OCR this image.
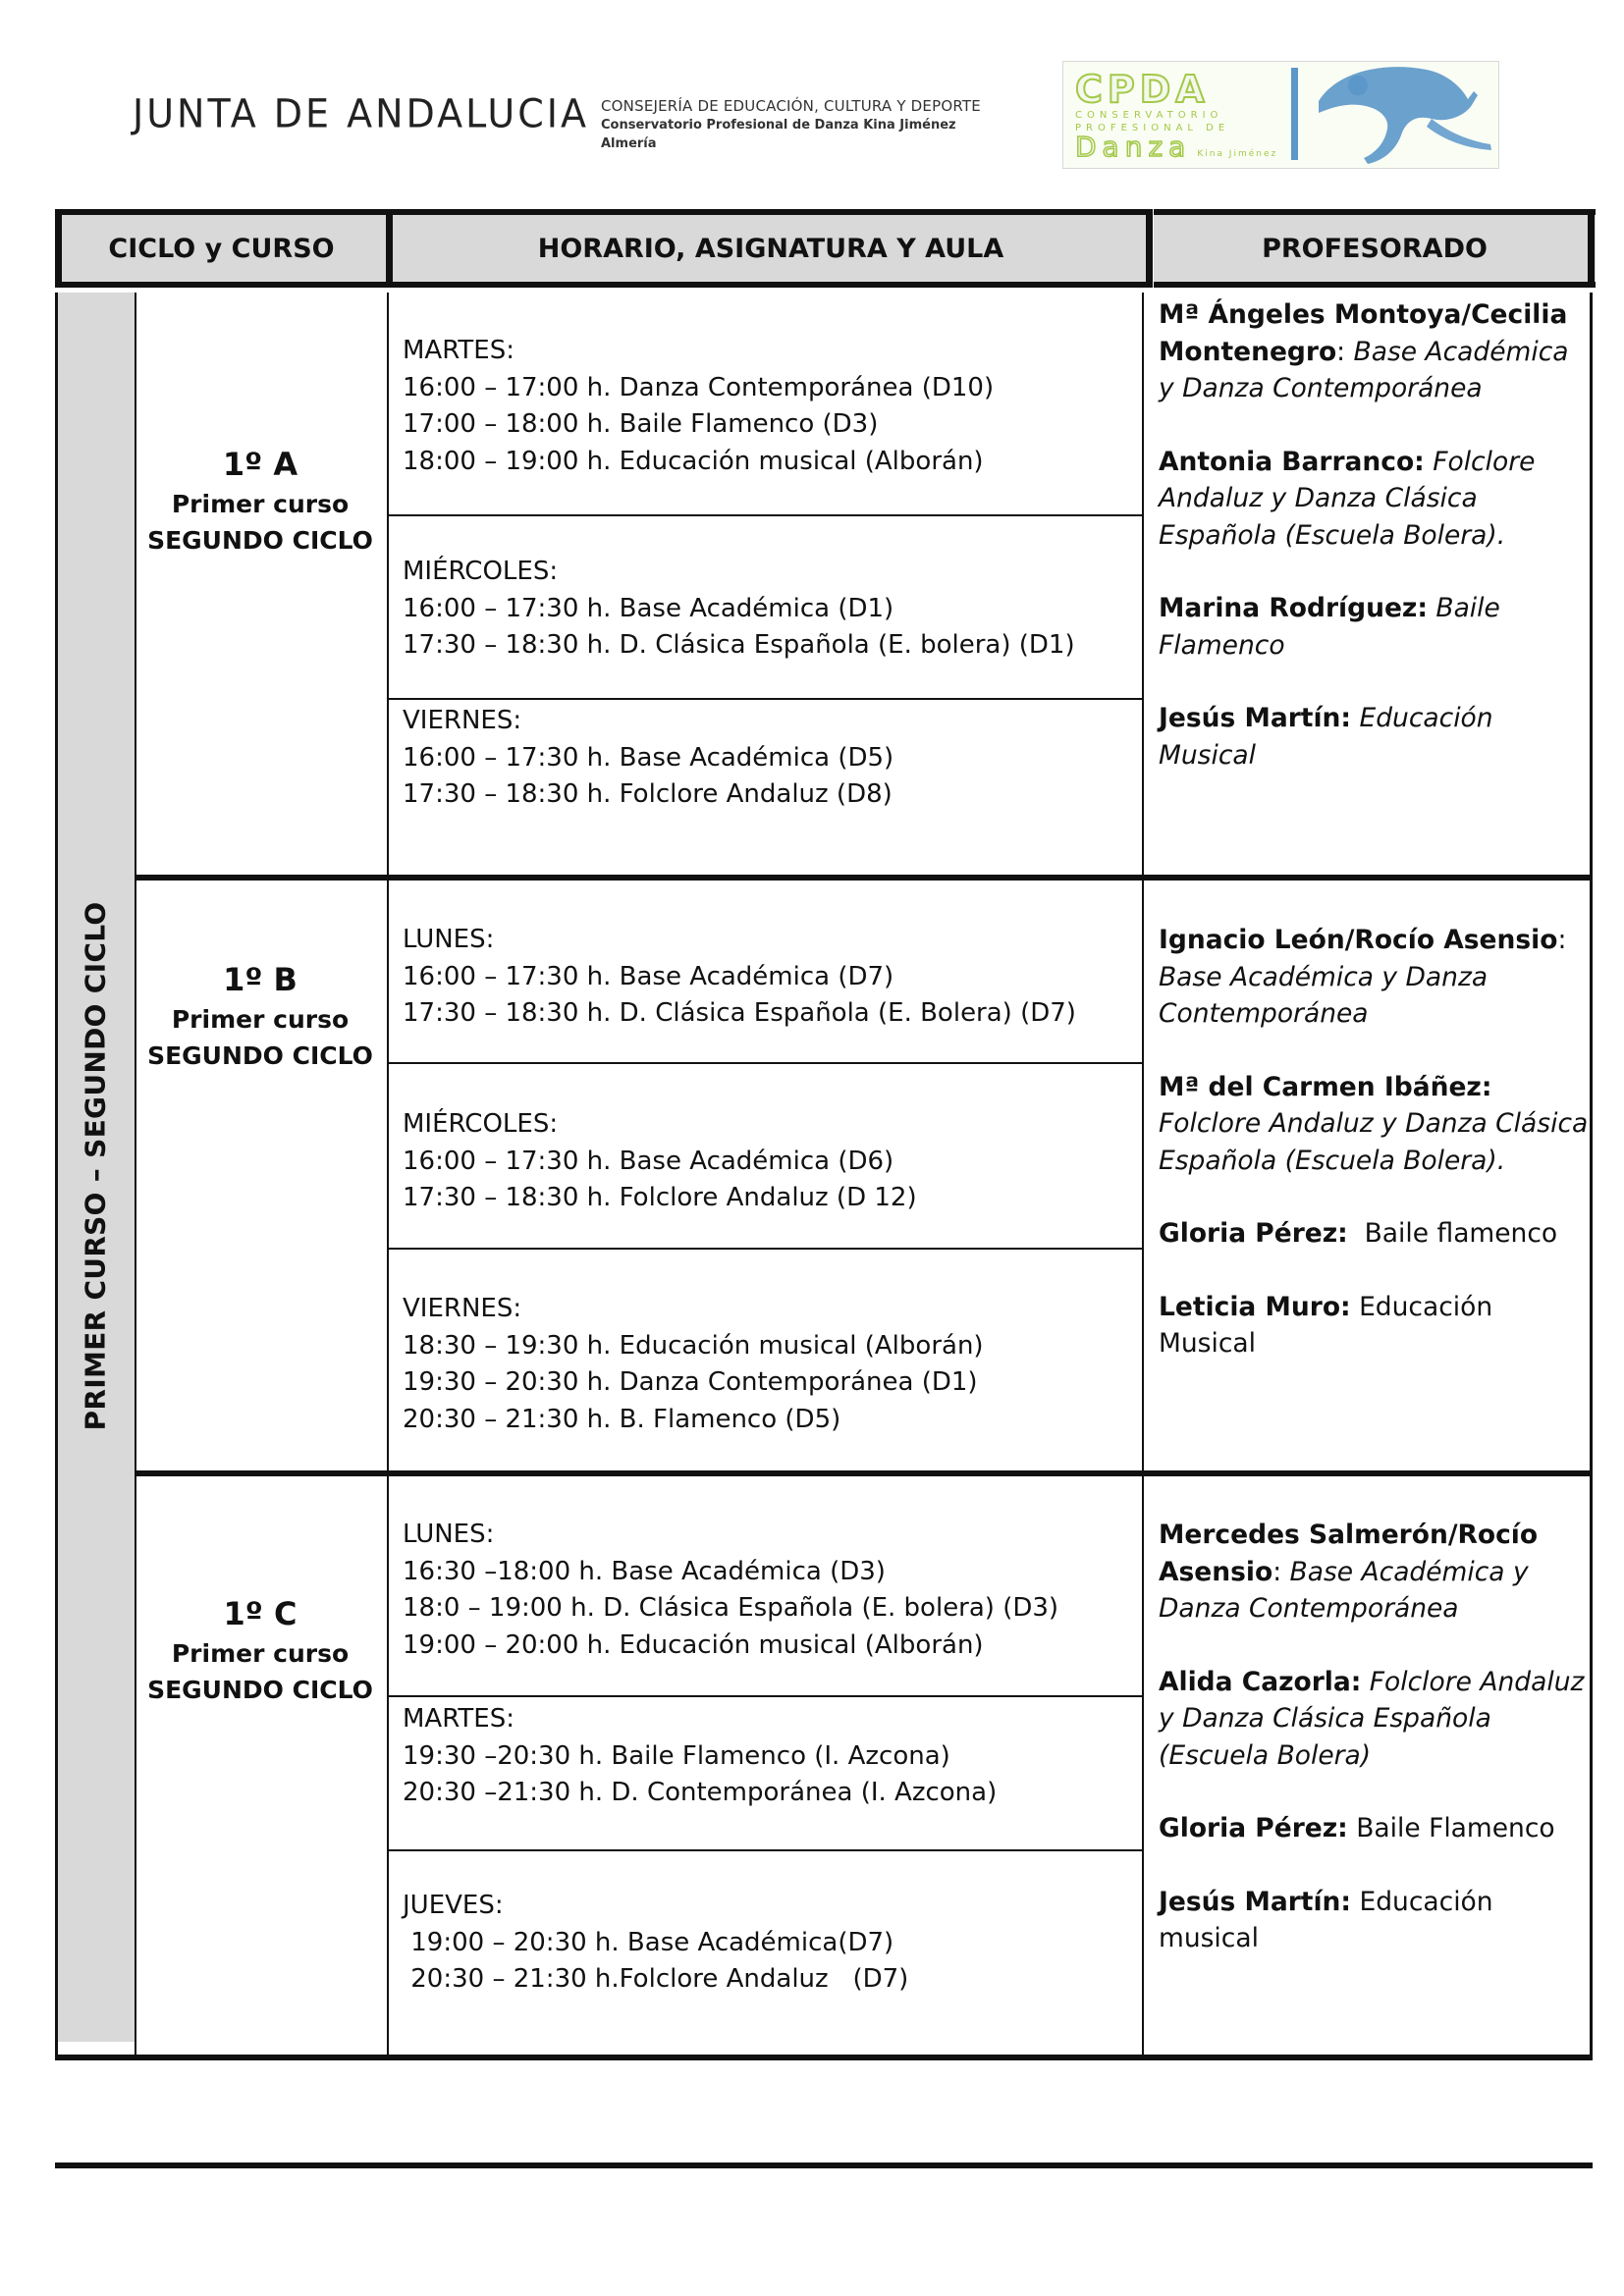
JUNTA DE ANDALUCIA CONSEJERÍA DE EDUCACIÓN, CULTURA Y DEPORTE
Conservatorio Profesional de Danza Kina Jiménez
Almería
CPDA
CONSERVATORIO
PROFESIONAL DE
Danza Kina Jiménez
CICLO y CURSO	HORARIO, ASIGNATURA Y AULA	PROFESORADO
PRIMER CURSO – SEGUNDO CICLO
1º A
Primer curso
SEGUNDO CICLO
MARTES:
16:00 – 17:00 h. Danza Contemporánea (D10)
17:00 – 18:00 h. Baile Flamenco (D3)
18:00 – 19:00 h. Educación musical (Alborán)
MIÉRCOLES:
16:00 – 17:30 h. Base Académica (D1)
17:30 – 18:30 h. D. Clásica Española (E. bolera) (D1)
VIERNES:
16:00 – 17:30 h. Base Académica (D5)
17:30 – 18:30 h. Folclore Andaluz (D8)
Mª Ángeles Montoya/Cecilia Montenegro: Base Académica y Danza Contemporánea
Antonia Barranco: Folclore Andaluz y Danza Clásica Española (Escuela Bolera).
Marina Rodríguez: Baile Flamenco
Jesús Martín: Educación Musical
1º B
Primer curso
SEGUNDO CICLO
LUNES:
16:00 – 17:30 h. Base Académica (D7)
17:30 – 18:30 h. D. Clásica Española (E. Bolera) (D7)
MIÉRCOLES:
16:00 – 17:30 h. Base Académica (D6)
17:30 – 18:30 h. Folclore Andaluz (D 12)
VIERNES:
18:30 – 19:30 h. Educación musical (Alborán)
19:30 – 20:30 h. Danza Contemporánea (D1)
20:30 – 21:30 h. B. Flamenco (D5)
Ignacio León/Rocío Asensio: Base Académica y Danza Contemporánea
Mª del Carmen Ibáñez: Folclore Andaluz y Danza Clásica Española (Escuela Bolera).
Gloria Pérez: Baile flamenco
Leticia Muro: Educación Musical
1º C
Primer curso
SEGUNDO CICLO
LUNES:
16:30 –18:00 h. Base Académica (D3)
18:0 – 19:00 h. D. Clásica Española (E. bolera) (D3)
19:00 – 20:00 h. Educación musical (Alborán)
MARTES:
19:30 –20:30 h. Baile Flamenco (I. Azcona)
20:30 –21:30 h. D. Contemporánea (I. Azcona)
JUEVES:
19:00 – 20:30 h. Base Académica(D7)
20:30 – 21:30 h.Folclore Andaluz   (D7)
Mercedes Salmerón/Rocío Asensio: Base Académica y Danza Contemporánea
Alida Cazorla: Folclore Andaluz y Danza Clásica Española (Escuela Bolera)
Gloria Pérez: Baile Flamenco
Jesús Martín: Educación musical
